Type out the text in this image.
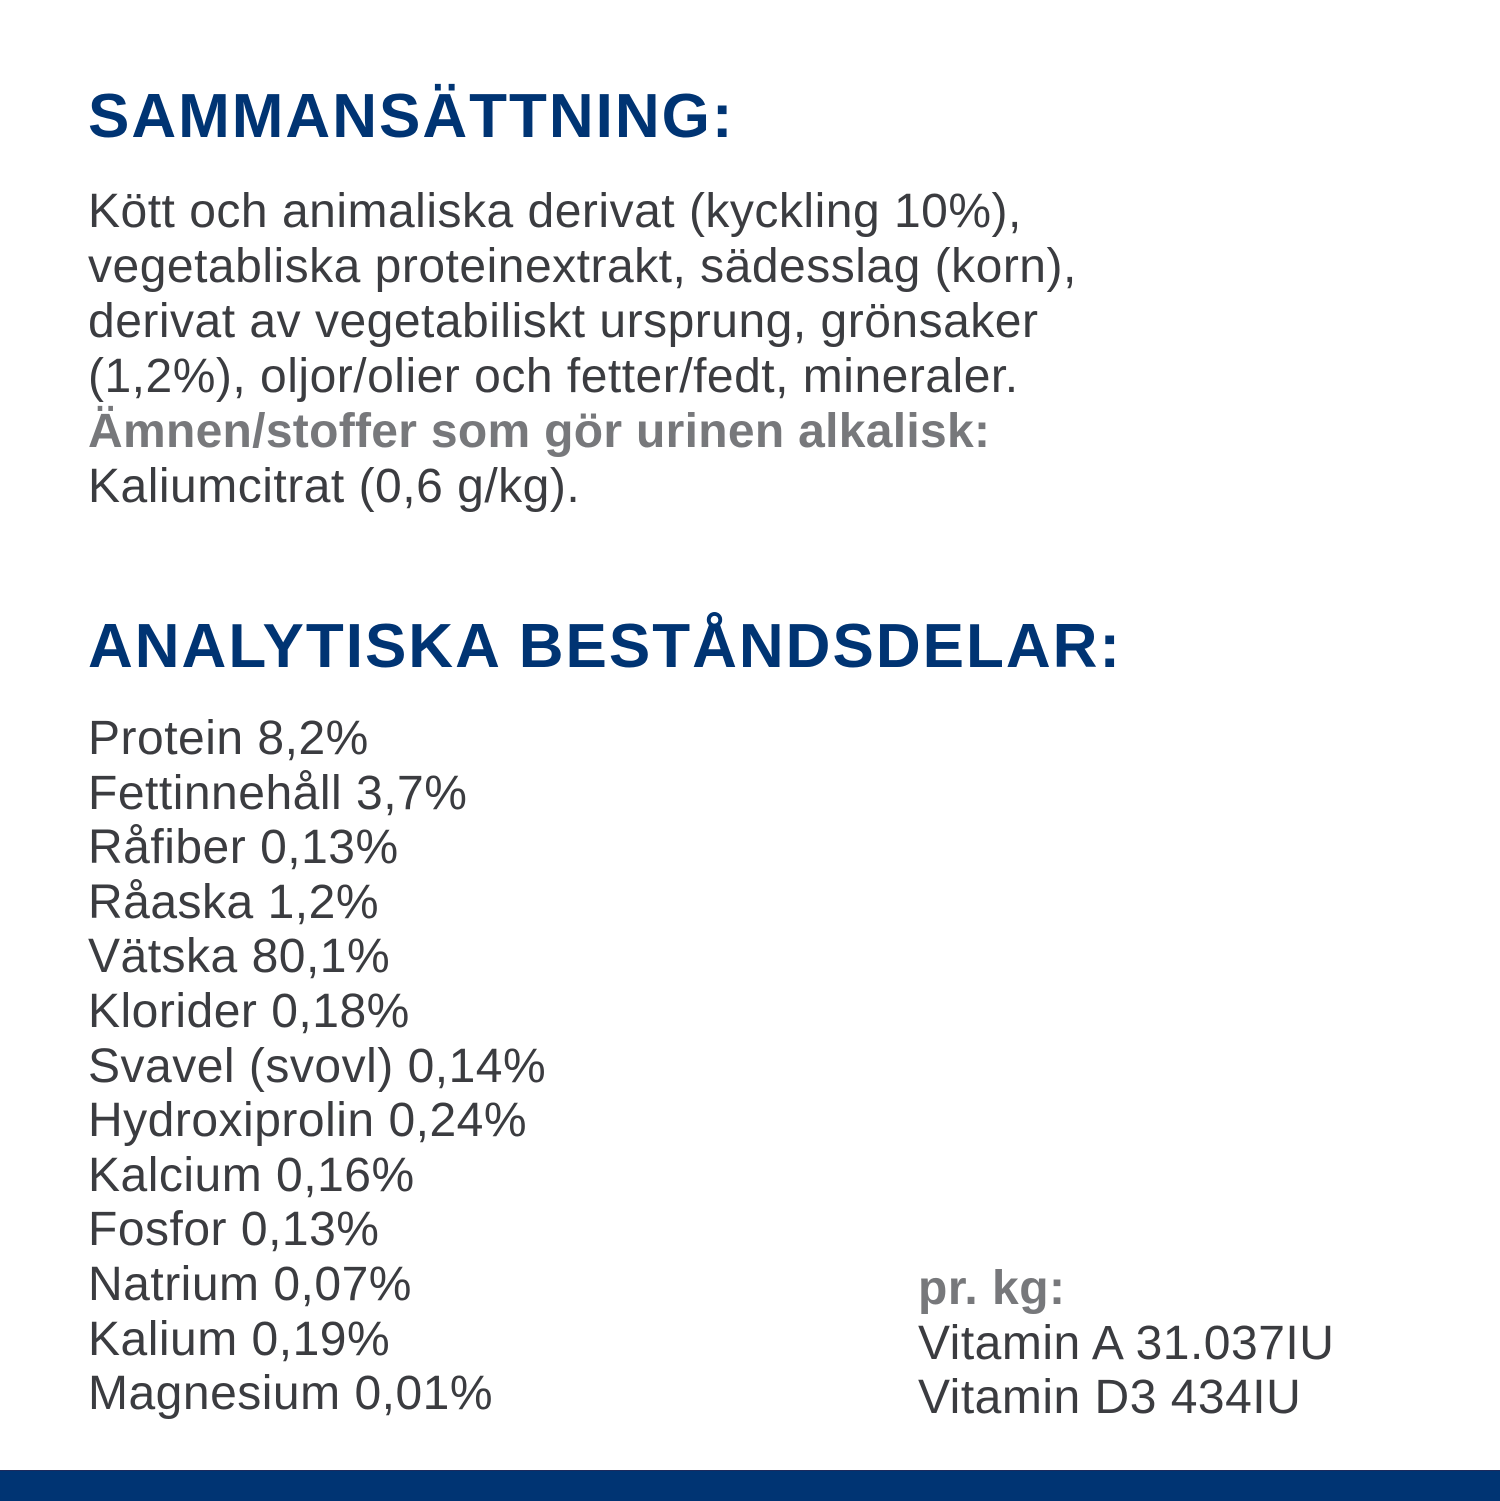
SAMMANSÄTTNING:
Kött och animaliska derivat (kyckling 10%),
vegetabliska proteinextrakt, sädesslag (korn),
derivat av vegetabiliskt ursprung, grönsaker
(1,2%), oljor/olier och fetter/fedt, mineraler.
Ämnen/stoffer som gör urinen alkalisk:
Kaliumcitrat (0,6 g/kg).
ANALYTISKA BESTÅNDSDELAR:
Protein 8,2%
Fettinnehåll 3,7%
Råfiber 0,13%
Råaska 1,2%
Vätska 80,1%
Klorider 0,18%
Svavel (svovl) 0,14%
Hydroxiprolin 0,24%
Kalcium 0,16%
Fosfor 0,13%
Natrium 0,07%
Kalium 0,19%
Magnesium 0,01%
pr. kg:
Vitamin A 31.037IU
Vitamin D3 434IU
